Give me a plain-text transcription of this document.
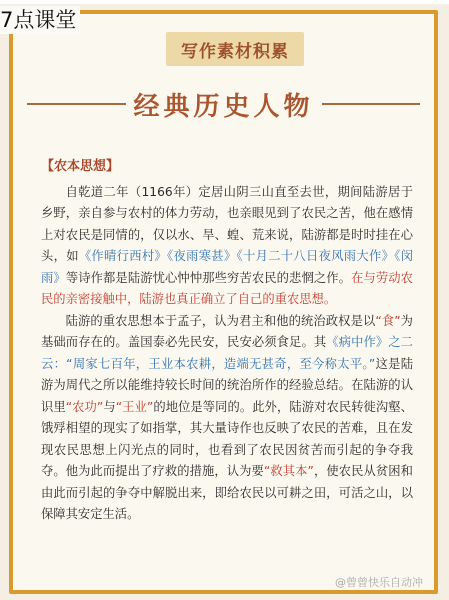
写作素材积累
经典历史人物
7点课堂
【农本思想】

自乾道二年（1166年）定居山阴三山直至去世，期间陆游居于乡野，亲自参与农村的体力劳动，也亲眼见到了农民之苦，他在感情上对农民是同情的，仅以水、旱、蝗、荒来说，陆游都是时时挂在心头，如《作晴行西村》《夜雨寒甚》《十月二十八日夜风雨大作》《闵雨》等诗作都是陆游忧心忡忡那些穷苦农民的悲惘之作。在与劳动农民的亲密接触中，陆游也真正确立了自己的重农思想。

陆游的重农思想本于孟子，认为君主和他的统治政权是以“食”为基础而存在的。盖国泰必先民安，民安必须食足。其《病中作》之二云：“周家七百年，王业本农耕，造端无甚奇，至今称太平。”这是陆游为周代之所以能维持较长时间的统治所作的经验总结。在陆游的认识里“农功”与“王业”的地位是等同的。此外，陆游对农民转徙沟壑、饿殍相望的现实了如指掌，其大量诗作也反映了农民的苦难，且在发现农民思想上闪光点的同时，也看到了农民因贫苦而引起的争夺我夺。他为此而提出了疗救的措施，认为要“救其本”，使农民从贫困和由此而引起的争夺中解脱出来，即给农民以可耕之田，可活之山，以保障其安定生活。

@曾曾快乐自动冲
